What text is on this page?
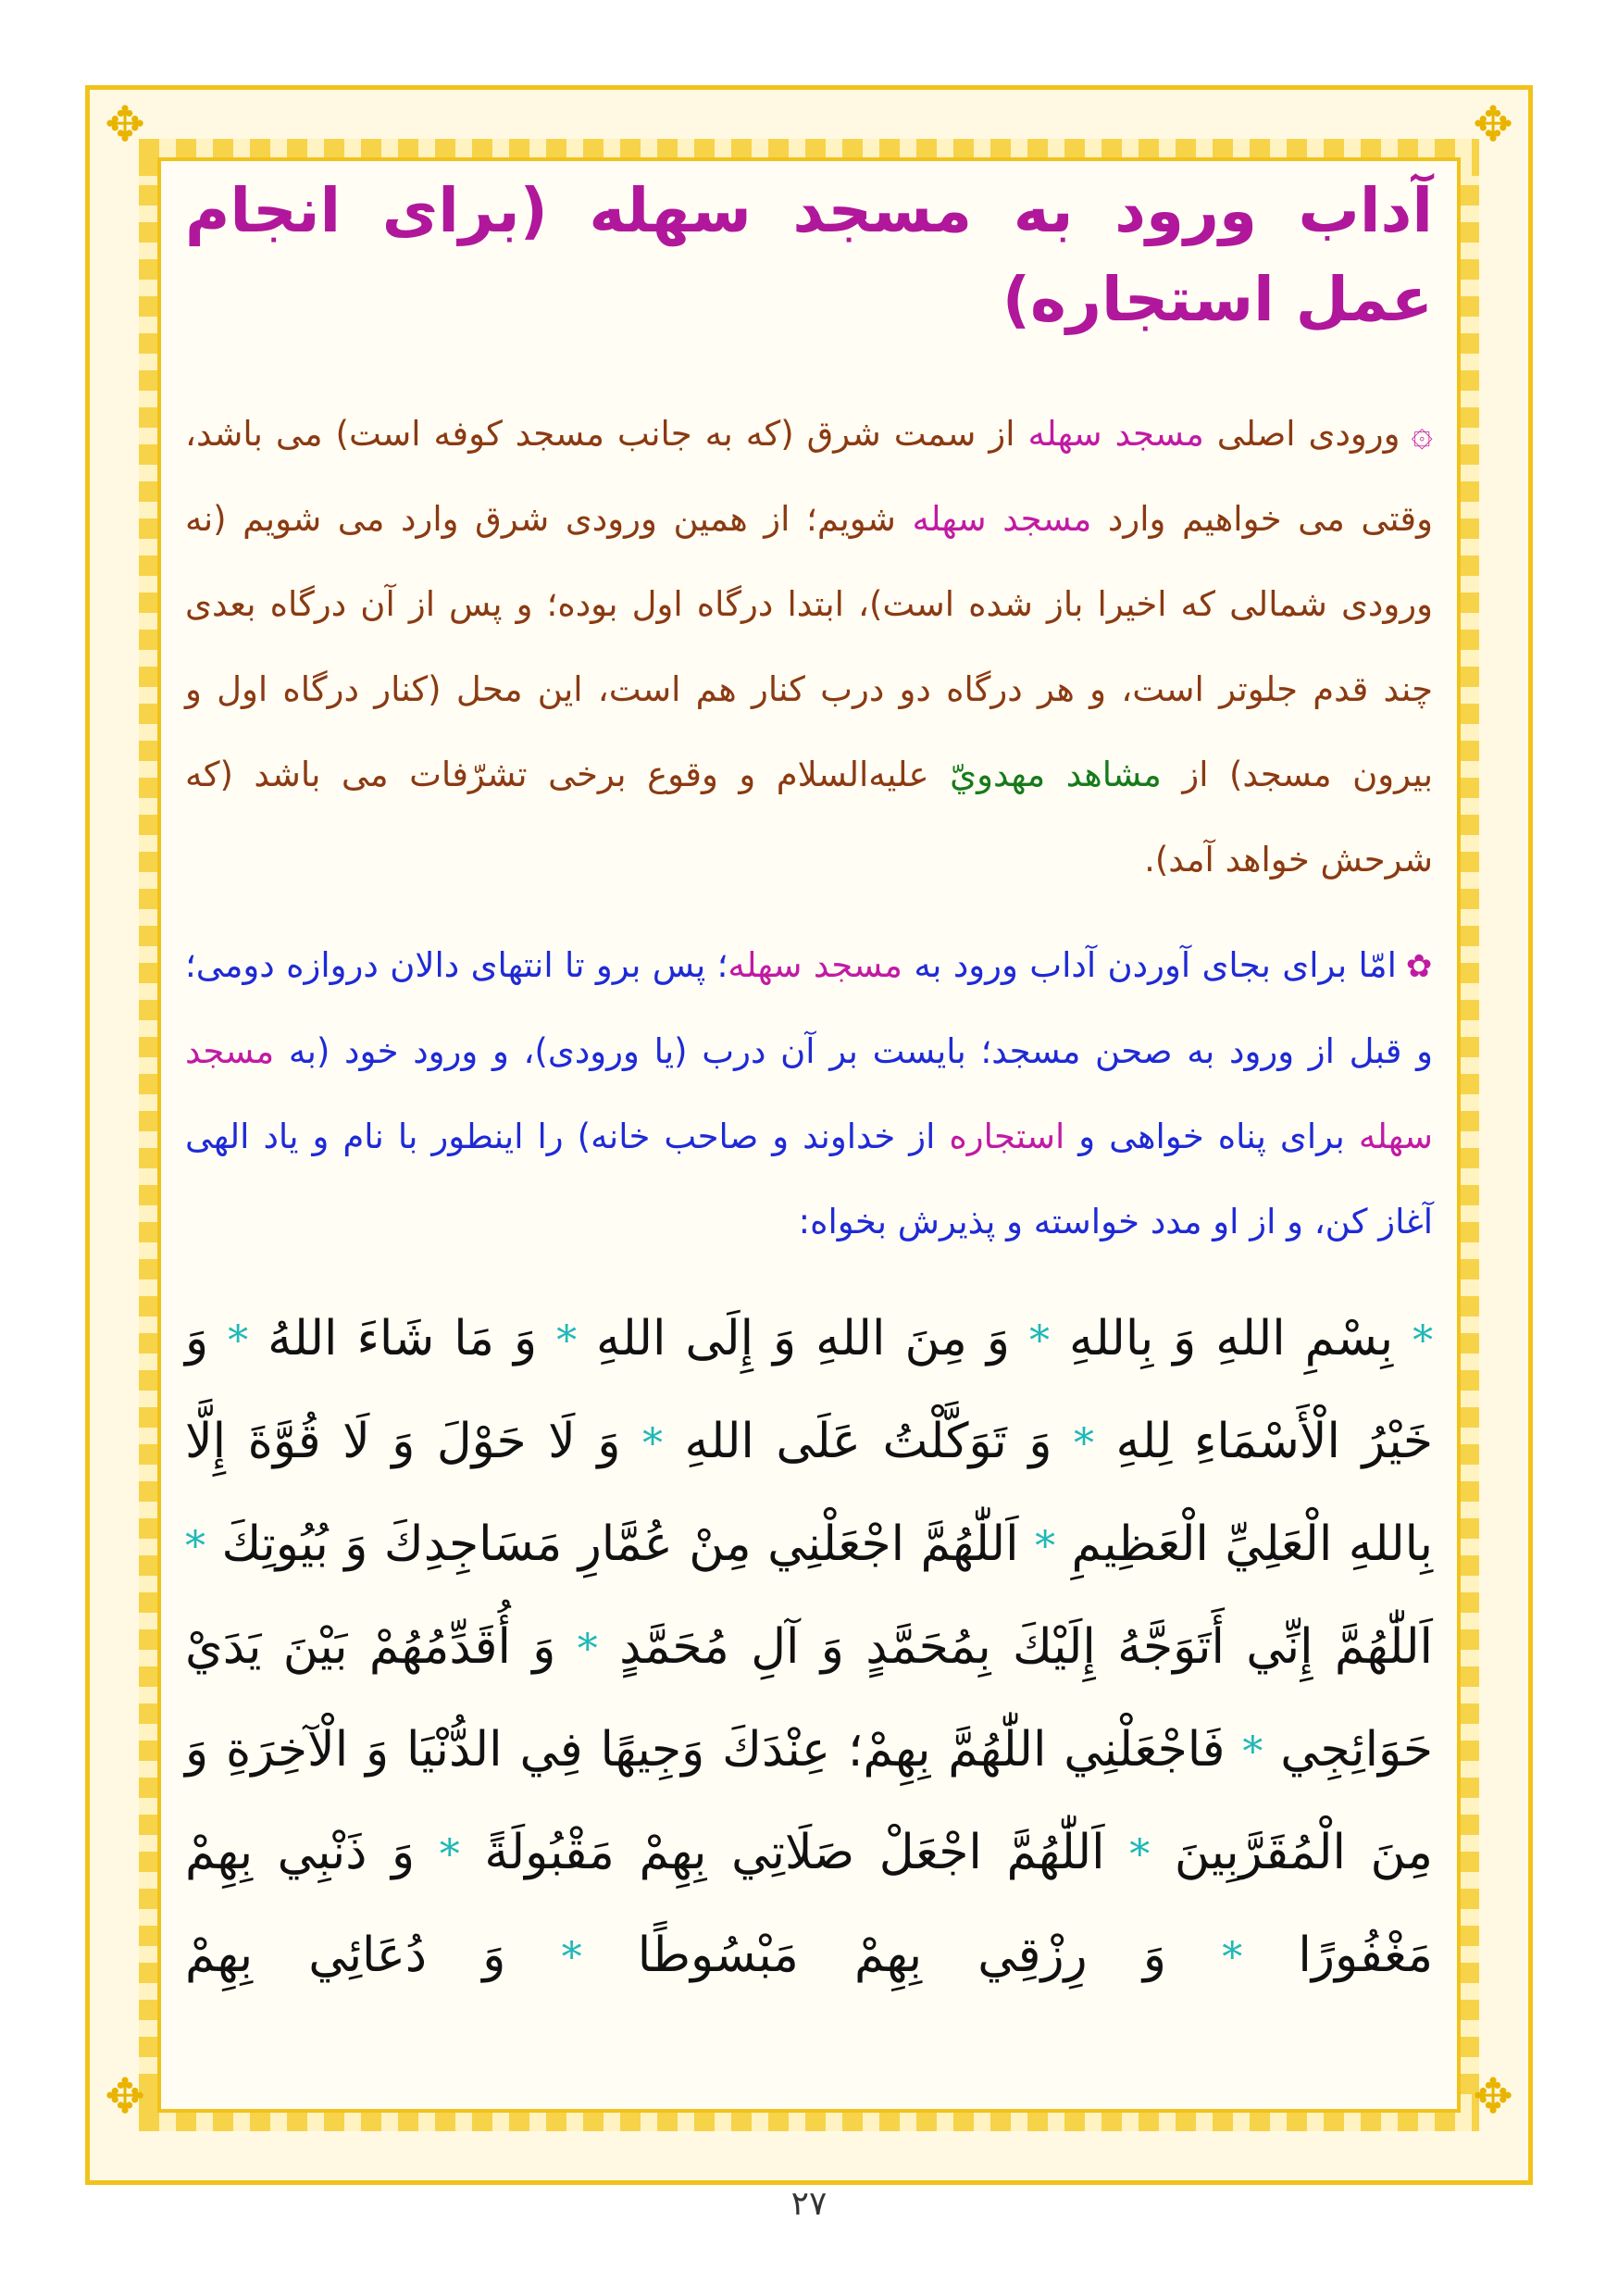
✥	✥
✥	✥
آداب ورود به مسجد سهله (برای انجام عمل استجاره)

۞ورودی اصلی مسجد سهله از سمت شرق (که به جانب مسجد کوفه است) می باشد، وقتی می خواهیم وارد مسجد سهله شویم؛ از همین ورودی شرق وارد می شویم (نه ورودی شمالی که اخیرا باز شده است)، ابتدا درگاه اول بوده؛ و پس از آن درگاه بعدی چند قدم جلوتر است، و هر درگاه دو درب کنار هم است، این محل (کنار درگاه اول و بیرون مسجد) از مشاهد مهدويّ عليه‌السلام و وقوع برخی تشرّفات می باشد (که شرحش خواهد آمد).

✿امّا برای بجای آوردن آداب ورود به مسجد سهله؛ پس برو تا انتهای دالان دروازه دومی؛ و قبل از ورود به صحن مسجد؛ بایست بر آن درب (یا ورودی)، و ورود خود (به مسجد سهله برای پناه خواهی و استجاره از خداوند و صاحب خانه) را اینطور با نام و یاد الهی آغاز کن، و از او مدد خواسته و پذیرش بخواه:

* بِسْمِ اللهِ وَ بِاللهِ * وَ مِنَ اللهِ وَ إِلَى اللهِ * وَ مَا شَاءَ اللهُ * وَ خَيْرُ الْأَسْمَاءِ لِلهِ * وَ تَوَكَّلْتُ عَلَى اللهِ * وَ لَا حَوْلَ وَ لَا قُوَّةَ إِلَّا بِاللهِ الْعَلِيِّ الْعَظِيمِ * اَللّٰهُمَّ اجْعَلْنِي مِنْ عُمَّارِ مَسَاجِدِكَ وَ بُيُوتِكَ * اَللّٰهُمَّ إِنِّي أَتَوَجَّهُ إِلَيْكَ بِمُحَمَّدٍ وَ آلِ مُحَمَّدٍ * وَ أُقَدِّمُهُمْ بَيْنَ يَدَيْ حَوَائِجِي * فَاجْعَلْنِي اللّٰهُمَّ بِهِمْ؛ عِنْدَكَ وَجِيهًا فِي الدُّنْيَا وَ الْآخِرَةِ وَ مِنَ الْمُقَرَّبِينَ * اَللّٰهُمَّ اجْعَلْ صَلَاتِي بِهِمْ مَقْبُولَةً * وَ ذَنْبِي بِهِمْ مَغْفُورًا * وَ رِزْقِي بِهِمْ مَبْسُوطًا * وَ دُعَائِي بِهِمْ

۲۷
